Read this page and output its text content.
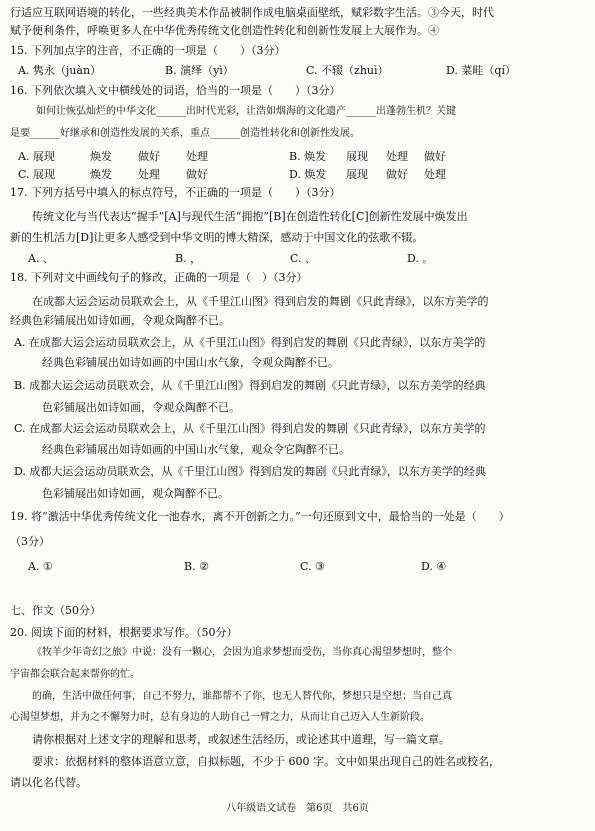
行适应互联网语境的转化，一些经典美术作品被制作成电脑桌面壁纸，赋彩数字生活。③今天，时代
赋予便利条件，呼唤更多人在中华优秀传统文化创造性转化和创新性发展上大展作为。④
15. 下列加点字的注音，不正确的一项是（　　）（3分）
A. 隽永（juàn）	B. 演绎（yì）	C. 不辍（zhuì）	D. 菜畦（qí）
16. 下列依次填入文中横线处的词语，恰当的一项是（　　）（3分）
如何让恢弘灿烂的中华文化______出时代光彩，让浩如烟海的文化遗产______出蓬勃生机？关键
是要______好继承和创造性发展的关系，重点______创造性转化和创新性发展。
A. 展现	焕发 做好 处理	B. 焕发 展现 处理 做好
C. 展现	焕发 处理 做好	D. 焕发 展现 做好 处理
17. 下列方括号中填入的标点符号，不正确的一项是（　　）（3分）
传统文化与当代表达“握手”[A]与现代生活“拥抱”[B]在创造性转化[C]创新性发展中焕发出
新的生机活力[D]让更多人感受到中华文明的博大精深，感动于中国文化的弦歌不辍。
A. 、	B. ，	C. 、	D. 。
18. 下列对文中画线句子的修改，正确的一项是（　）（3分）
在成都大运会运动员联欢会上，从《千里江山图》得到启发的舞剧《只此青绿》，以东方美学的
经典色彩铺展出如诗如画，令观众陶醉不已。
A. 在成都大运会运动员联欢会上，从《千里江山图》得到启发的舞剧《只此青绿》，以东方美学的
经典色彩铺展出如诗如画的中国山水气象，令观众陶醉不已。
B. 成都大运会运动员联欢会，从《千里江山图》得到启发的舞剧《只此青绿》，以东方美学的经典
色彩铺展出如诗如画，令观众陶醉不已。
C. 在成都大运会运动员联欢会上，从《千里江山图》得到启发的舞剧《只此青绿》，以东方美学的
经典色彩铺展出如诗如画的中国山水气象，观众令它陶醉不已。
D. 成都大运会运动员联欢会，从《千里江山图》得到启发的舞剧《只此青绿》，以东方美学的经典
色彩铺展出如诗如画，观众陶醉不已。
19. 将“激活中华优秀传统文化一池春水，离不开创新之力。”一句还原到文中，最恰当的一处是（　　）
（3分）
A. ①	B. ②	C. ③	D. ④
七、作文（50分）
20. 阅读下面的材料，根据要求写作。（50分）
《牧羊少年奇幻之旅》中说：没有一颗心，会因为追求梦想而受伤，当你真心渴望梦想时，整个
宇宙都会联合起来帮你的忙。
的确，生活中做任何事，自己不努力，谁都帮不了你，也无人替代你，梦想只是空想；当自己真
心渴望梦想，并为之不懈努力时，总有身边的人助自己一臂之力，从而让自己迈入人生新阶段。
请你根据对上述文字的理解和思考，或叙述生活经历，或论述其中道理，写一篇文章。
要求：依据材料的整体语意立意，自拟标题，不少于 600 字。文中如果出现自己的姓名或校名，
请以化名代替。
八年级语文试卷　第6页　共6页
